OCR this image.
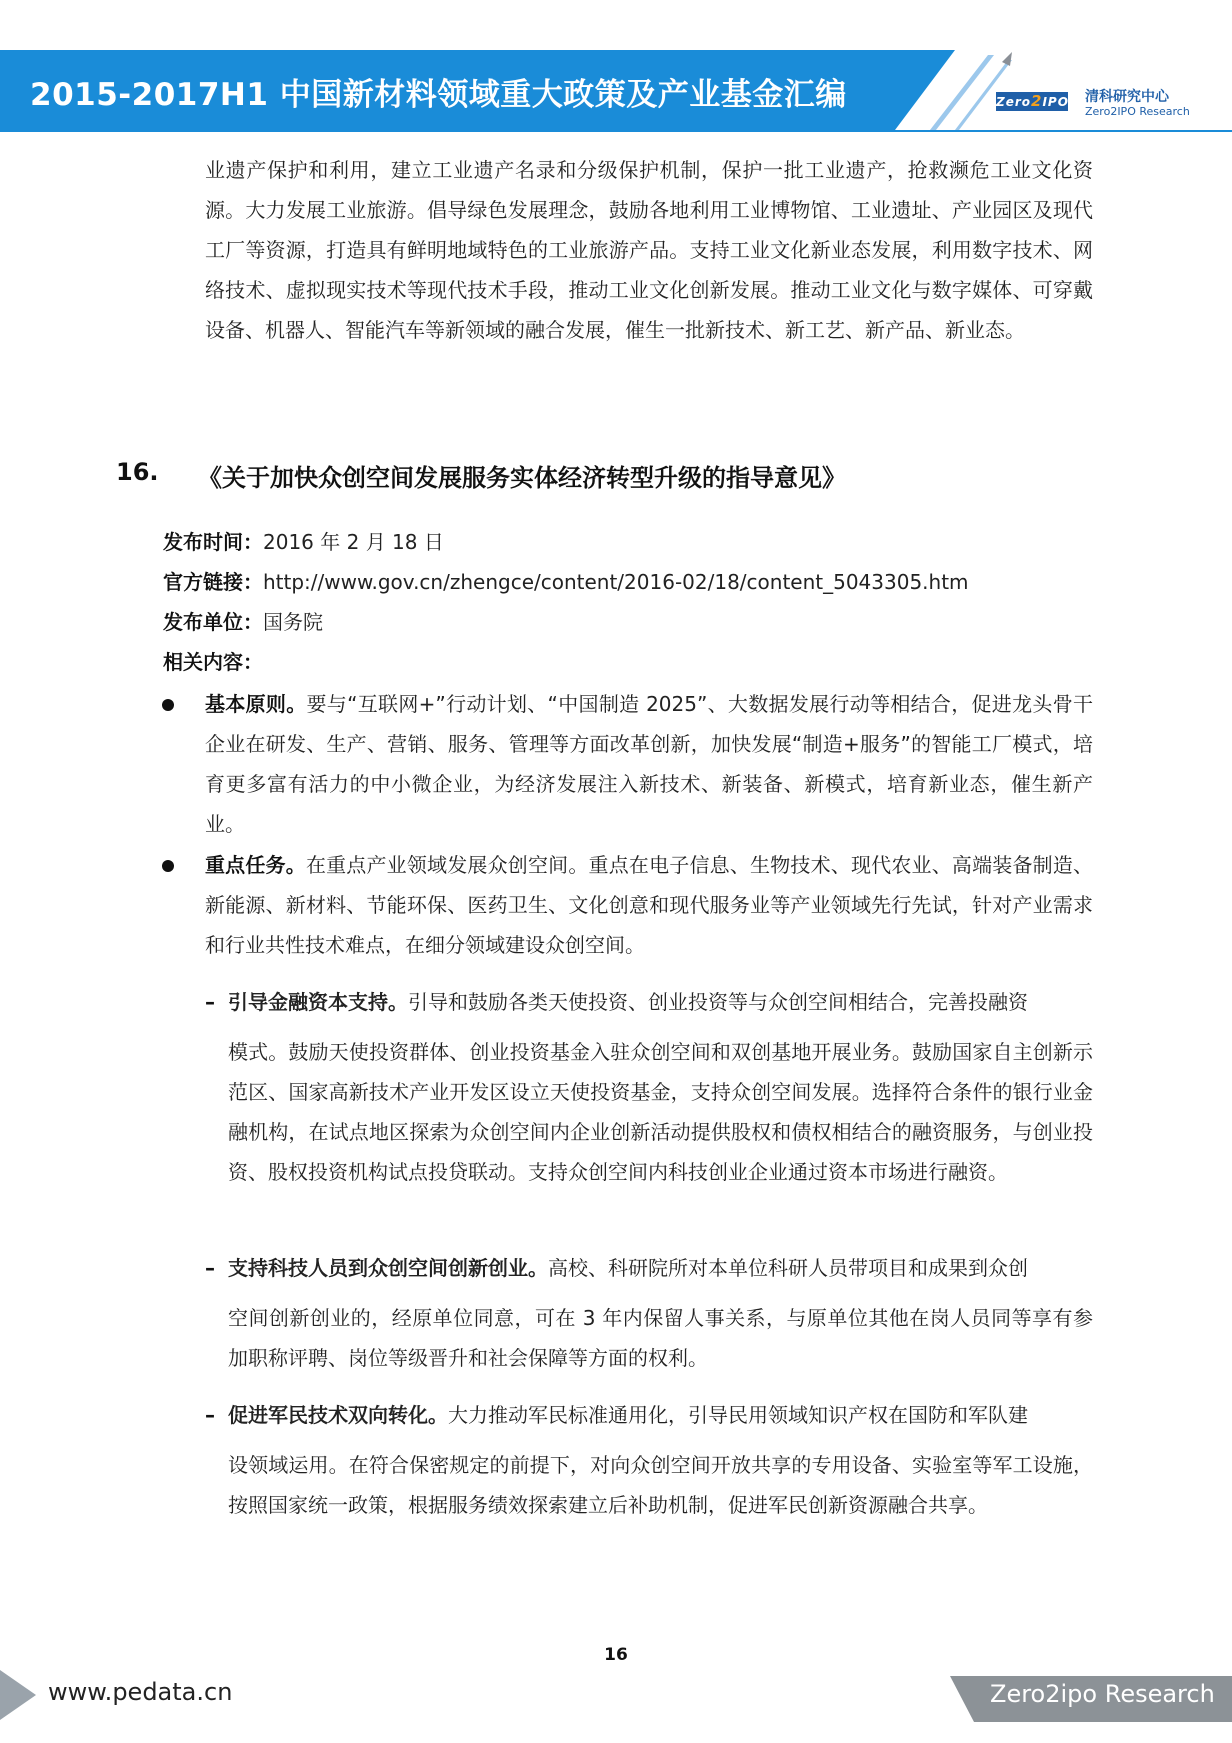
2015-2017H1 中国新材料领域重大政策及产业基金汇编	Zero2IPO 清科研究中心
Zero2IPO Research
业遗产保护和利用，建立工业遗产名录和分级保护机制，保护一批工业遗产，抢救濒危工业文化资源。大力发展工业旅游。倡导绿色发展理念，鼓励各地利用工业博物馆、工业遗址、产业园区及现代工厂等资源，打造具有鲜明地域特色的工业旅游产品。支持工业文化新业态发展，利用数字技术、网络技术、虚拟现实技术等现代技术手段，推动工业文化创新发展。推动工业文化与数字媒体、可穿戴设备、机器人、智能汽车等新领域的融合发展，催生一批新技术、新工艺、新产品、新业态。
16. 《关于加快众创空间发展服务实体经济转型升级的指导意见》
发布时间：2016 年 2 月 18 日
官方链接：http://www.gov.cn/zhengce/content/2016-02/18/content_5043305.htm
发布单位：国务院
相关内容：
基本原则。要与“互联网+”行动计划、“中国制造 2025”、大数据发展行动等相结合，促进龙头骨干企业在研发、生产、营销、服务、管理等方面改革创新，加快发展“制造+服务”的智能工厂模式，培育更多富有活力的中小微企业，为经济发展注入新技术、新装备、新模式，培育新业态，催生新产业。
重点任务。在重点产业领域发展众创空间。重点在电子信息、生物技术、现代农业、高端装备制造、新能源、新材料、节能环保、医药卫生、文化创意和现代服务业等产业领域先行先试，针对产业需求和行业共性技术难点，在细分领域建设众创空间。
引导金融资本支持。引导和鼓励各类天使投资、创业投资等与众创空间相结合，完善投融资
–
模式。鼓励天使投资群体、创业投资基金入驻众创空间和双创基地开展业务。鼓励国家自主创新示范区、国家高新技术产业开发区设立天使投资基金，支持众创空间发展。选择符合条件的银行业金融机构，在试点地区探索为众创空间内企业创新活动提供股权和债权相结合的融资服务，与创业投资、股权投资机构试点投贷联动。支持众创空间内科技创业企业通过资本市场进行融资。
支持科技人员到众创空间创新创业。高校、科研院所对本单位科研人员带项目和成果到众创
–
空间创新创业的，经原单位同意，可在 3 年内保留人事关系，与原单位其他在岗人员同等享有参加职称评聘、岗位等级晋升和社会保障等方面的权利。
促进军民技术双向转化。大力推动军民标准通用化，引导民用领域知识产权在国防和军队建
–
设领域运用。在符合保密规定的前提下，对向众创空间开放共享的专用设备、实验室等军工设施，按照国家统一政策，根据服务绩效探索建立后补助机制，促进军民创新资源融合共享。
16
www.pedata.cn	Zero2ipo Research
